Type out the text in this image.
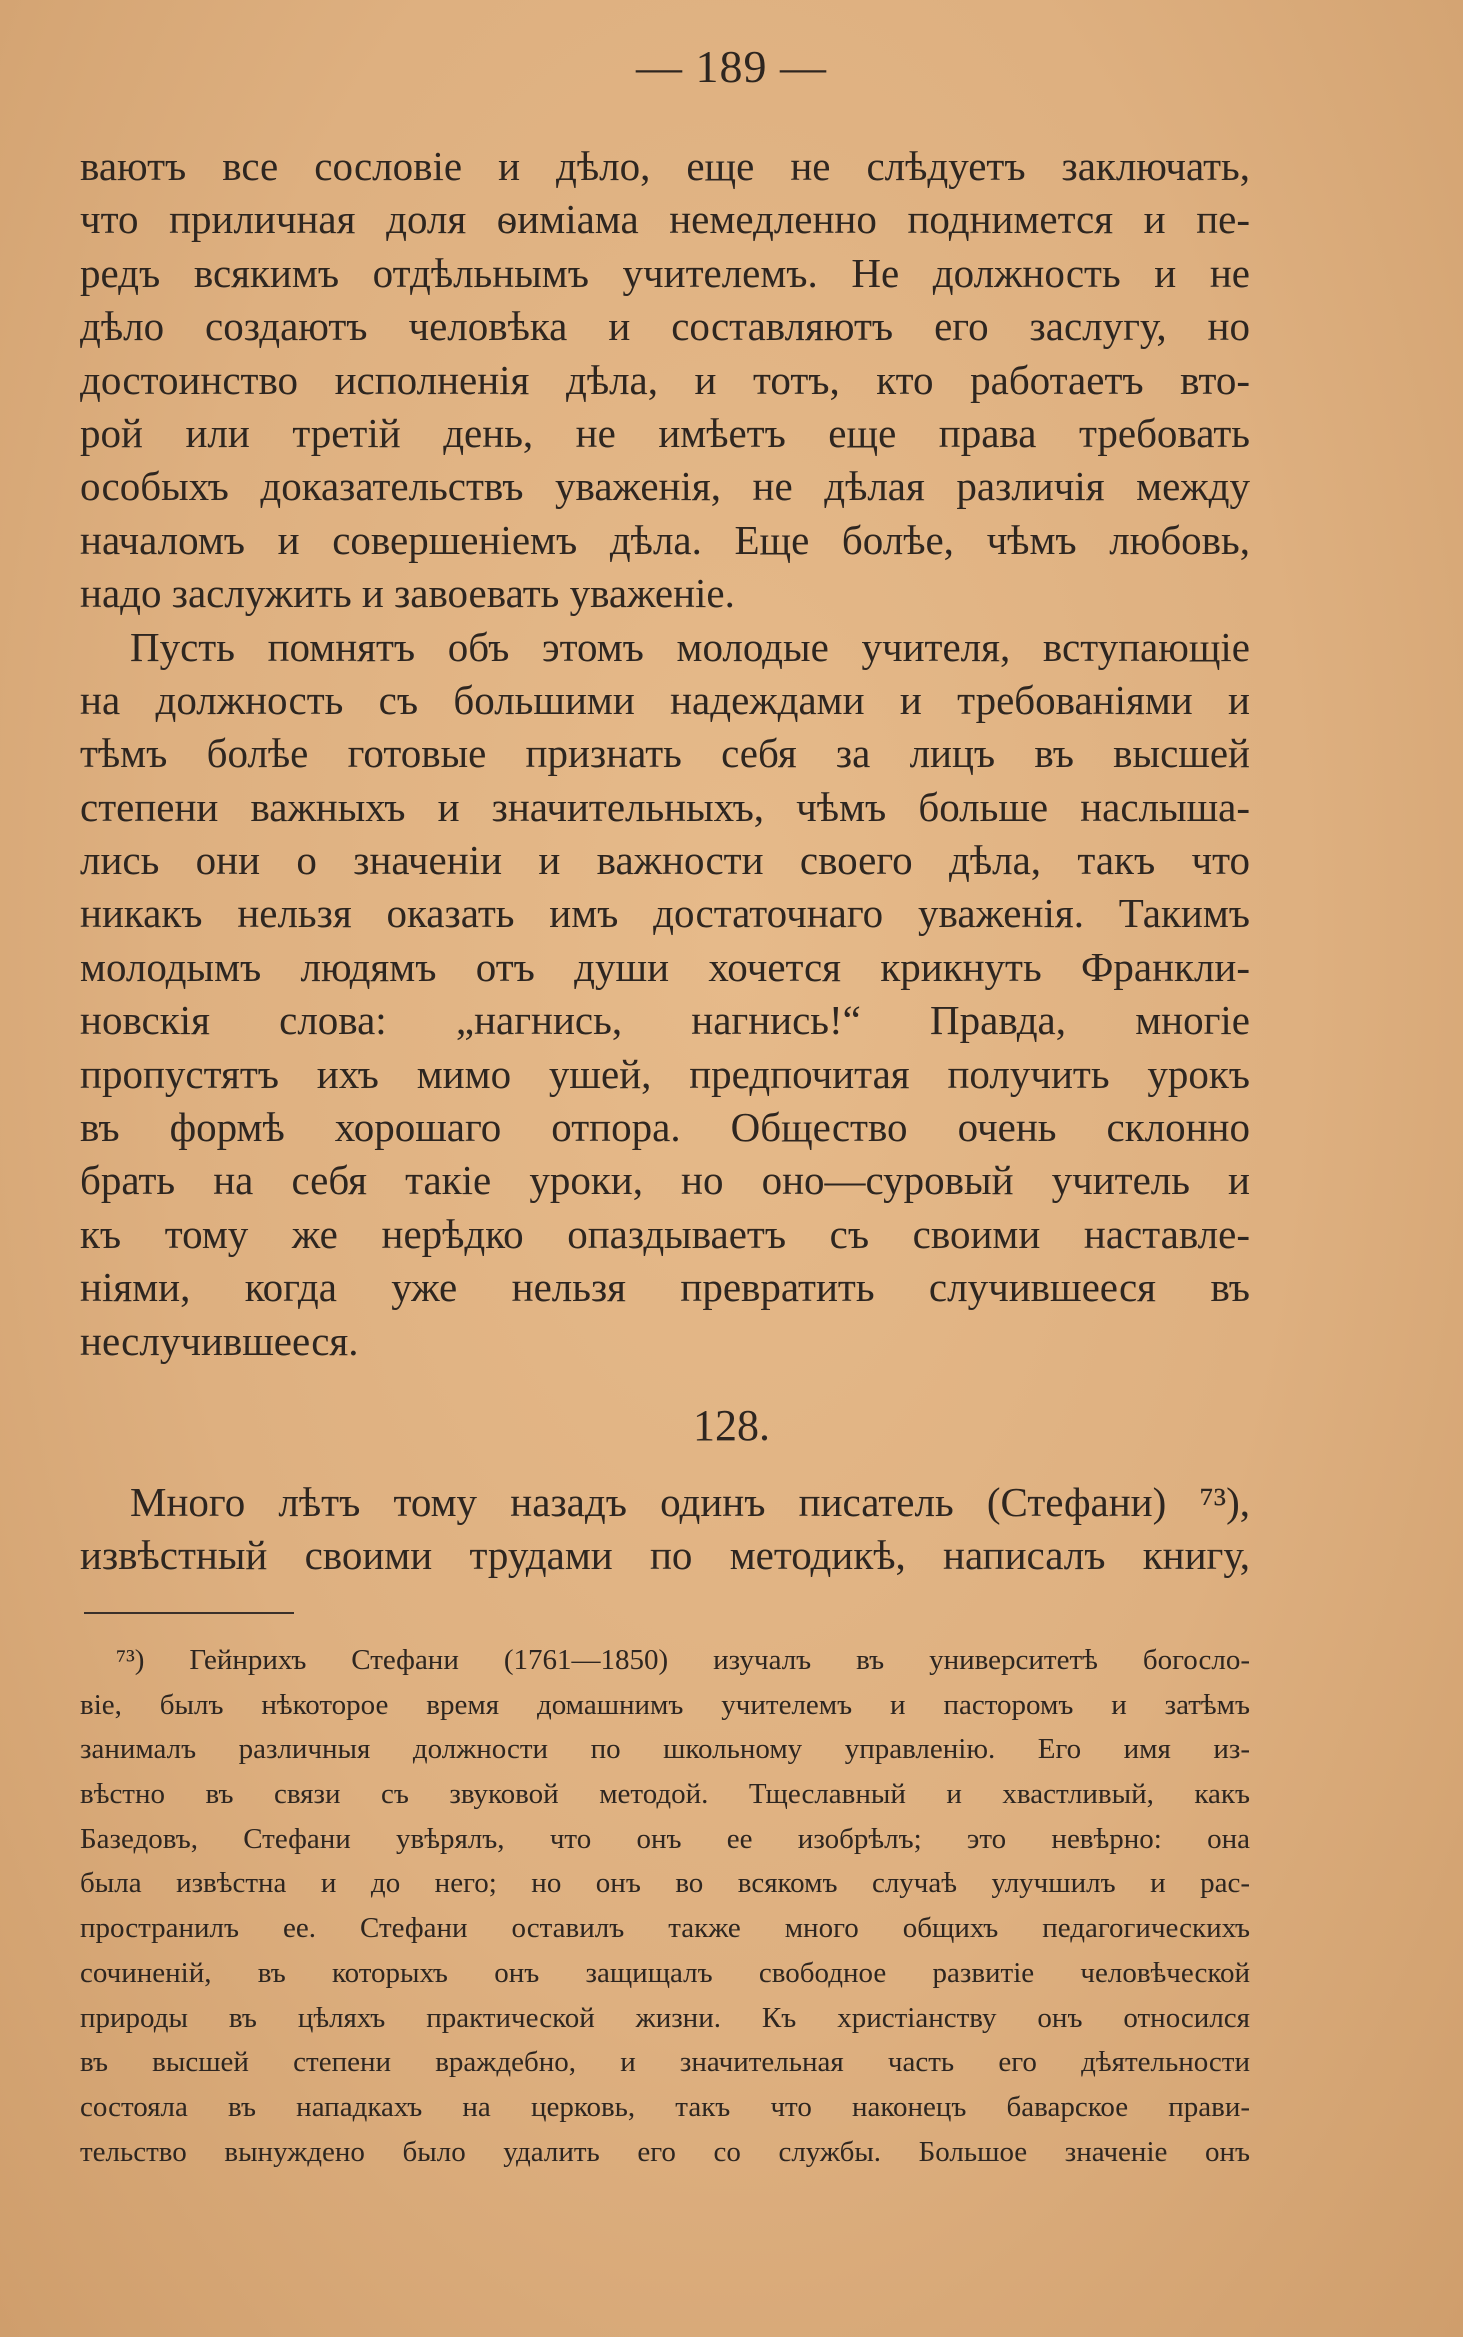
— 189 —
ваютъ все сословіе и дѣло, еще не слѣдуетъ заключать,
что приличная доля ѳиміама немедленно поднимется и пе-
редъ всякимъ отдѣльнымъ учителемъ. Не должность и не
дѣло создаютъ человѣка и составляютъ его заслугу, но
достоинство исполненія дѣла, и тотъ, кто работаетъ вто-
рой или третій день, не имѣетъ еще права требовать
особыхъ доказательствъ уваженія, не дѣлая различія между
началомъ и совершеніемъ дѣла. Еще болѣе, чѣмъ любовь,
надо заслужить и завоевать уваженіе.
Пусть помнятъ объ этомъ молодые учителя, вступающіе
на должность съ большими надеждами и требованіями и
тѣмъ болѣе готовые признать себя за лицъ въ высшей
степени важныхъ и значительныхъ, чѣмъ больше наслыша-
лись они о значеніи и важности своего дѣла, такъ что
никакъ нельзя оказать имъ достаточнаго уваженія. Такимъ
молодымъ людямъ отъ души хочется крикнуть Франкли-
новскія слова: „нагнись, нагнись!“ Правда, многіе
пропустятъ ихъ мимо ушей, предпочитая получить урокъ
въ формѣ хорошаго отпора. Общество очень склонно
брать на себя такіе уроки, но оно—суровый учитель и
къ тому же нерѣдко опаздываетъ съ своими наставле-
ніями, когда уже нельзя превратить случившееся въ
неслучившееся.
128.
Много лѣтъ тому назадъ одинъ писатель (Стефани) ⁷³),
извѣстный своими трудами по методикѣ, написалъ книгу,
⁷³) Гейнрихъ Стефани (1761—1850) изучалъ въ университетѣ богосло-
віе, былъ нѣкоторое время домашнимъ учителемъ и пасторомъ и затѣмъ
занималъ различныя должности по школьному управленію. Его имя из-
вѣстно въ связи съ звуковой методой. Тщеславный и хвастливый, какъ
Базедовъ, Стефани увѣрялъ, что онъ ее изобрѣлъ; это невѣрно: она
была извѣстна и до него; но онъ во всякомъ случаѣ улучшилъ и рас-
пространилъ ее. Стефани оставилъ также много общихъ педагогическихъ
сочиненій, въ которыхъ онъ защищалъ свободное развитіе человѣческой
природы въ цѣляхъ практической жизни. Къ христіанству онъ относился
въ высшей степени враждебно, и значительная часть его дѣятельности
состояла въ нападкахъ на церковь, такъ что наконецъ баварское прави-
тельство вынуждено было удалить его со службы. Большое значеніе онъ
